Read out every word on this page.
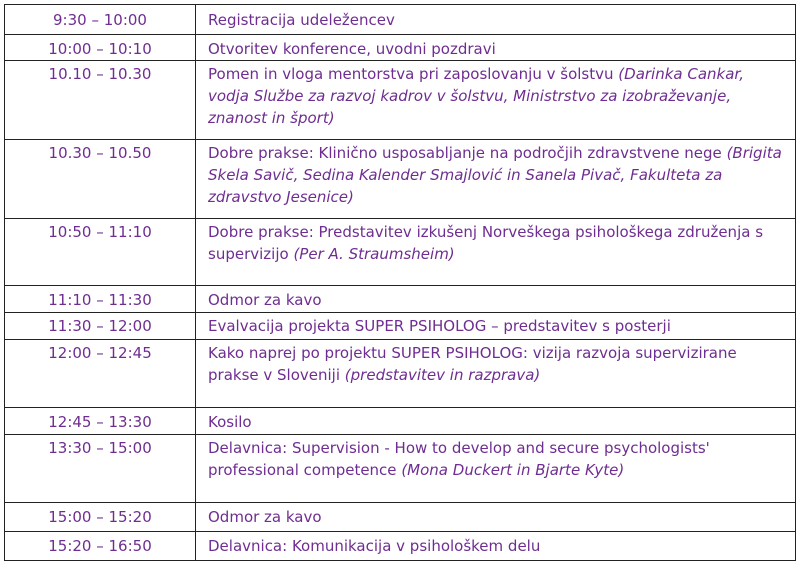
9:30 – 10:00	Registracija udeležencev

10:00 – 10:10	Otvoritev konference, uvodni pozdravi

10.10 – 10.30	Pomen in vloga mentorstva pri zaposlovanju v šolstvu (Darinka Cankar, vodja Službe za razvoj kadrov v šolstvu, Ministrstvo za izobraževanje, znanost in šport)

10.30 – 10.50	Dobre prakse: Klinično usposabljanje na področjih zdravstvene nege (Brigita Skela Savič, Sedina Kalender Smajlović in Sanela Pivač, Fakulteta za zdravstvo Jesenice)

10:50 – 11:10	Dobre prakse: Predstavitev izkušenj Norveškega psihološkega združenja s supervizijo (Per A. Straumsheim)

11:10 – 11:30	Odmor za kavo

11:30 – 12:00	Evalvacija projekta SUPER PSIHOLOG – predstavitev s posterji

12:00 – 12:45	Kako naprej po projektu SUPER PSIHOLOG: vizija razvoja supervizirane prakse v Sloveniji (predstavitev in razprava)

12:45 – 13:30	Kosilo

13:30 – 15:00	Delavnica: Supervision - How to develop and secure psychologists' professional competence (Mona Duckert in Bjarte Kyte)

15:00 – 15:20	Odmor za kavo

15:20 – 16:50	Delavnica: Komunikacija v psihološkem delu
